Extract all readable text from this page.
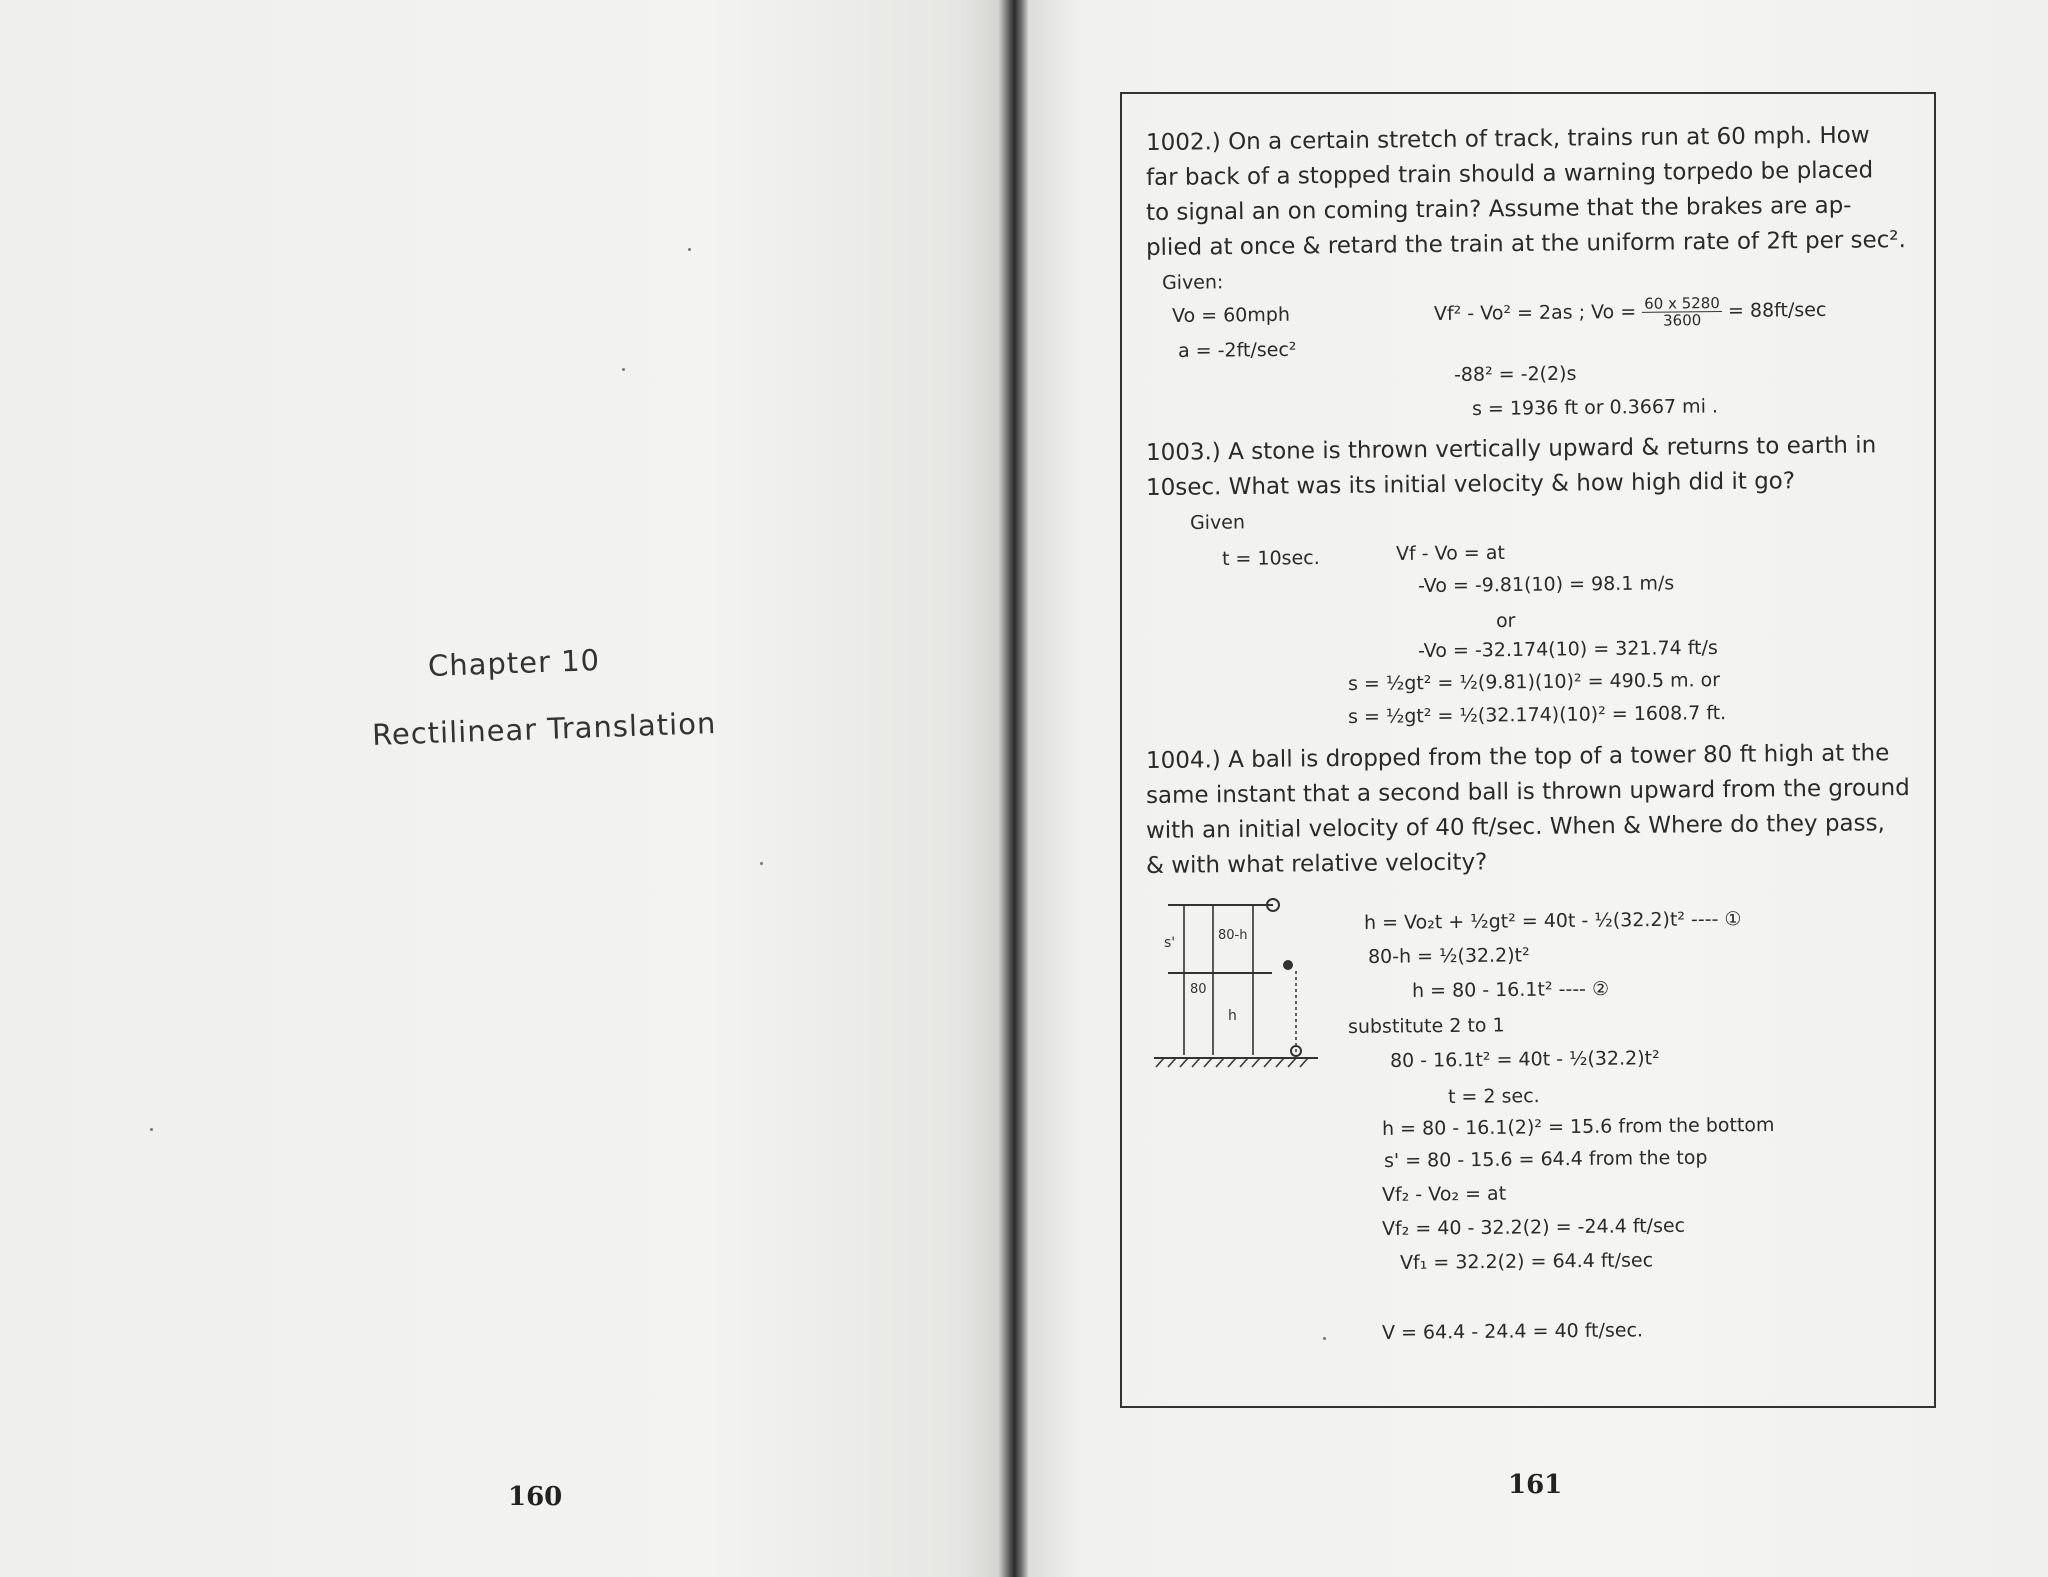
Chapter 10
Rectilinear Translation
160
1002.) On a certain stretch of track, trains run at 60 mph. How
far back of a stopped train should a warning torpedo be placed
to signal an on coming train? Assume that the brakes are ap-
plied at once & retard the train at the uniform rate of 2ft per sec².
Given:
Vo = 60mph
a = -2ft/sec²
Vf² - Vo² = 2as ; $Vo = \frac{60 x 5280}{3600} = 88ft/\sec$
-88² = -2(2)s
s = 1936 ft or 0.3667 mi .
1003.) A stone is thrown vertically upward & returns to earth in
10sec. What was its initial velocity & how high did it go?
Given
t = 10sec.	Vf - Vo = at
-Vo = -9.81(10) = 98.1 m/s
or
-Vo = -32.174(10) = 321.74 ft/s
s = ½gt² = ½(9.81)(10)² = 490.5 m. or
s = ½gt² = ½(32.174)(10)² = 1608.7 ft.
1004.) A ball is dropped from the top of a tower 80 ft high at the
same instant that a second ball is thrown upward from the ground
with an initial velocity of 40 ft/sec. When & Where do they pass,
& with what relative velocity?
s'	80-h
80
h
h = Vo₂t + ½gt² = 40t - ½(32.2)t² ---- ①
80-h = ½(32.2)t²
h = 80 - 16.1t² ---- ②
substitute 2 to 1
80 - 16.1t² = 40t - ½(32.2)t²
t = 2 sec.
h = 80 - 16.1(2)² = 15.6 from the bottom
s' = 80 - 15.6 = 64.4 from the top
Vf₂ - Vo₂ = at
Vf₂ = 40 - 32.2(2) = -24.4 ft/sec
Vf₁ = 32.2(2) = 64.4 ft/sec
V = 64.4 - 24.4 = 40 ft/sec.
161
